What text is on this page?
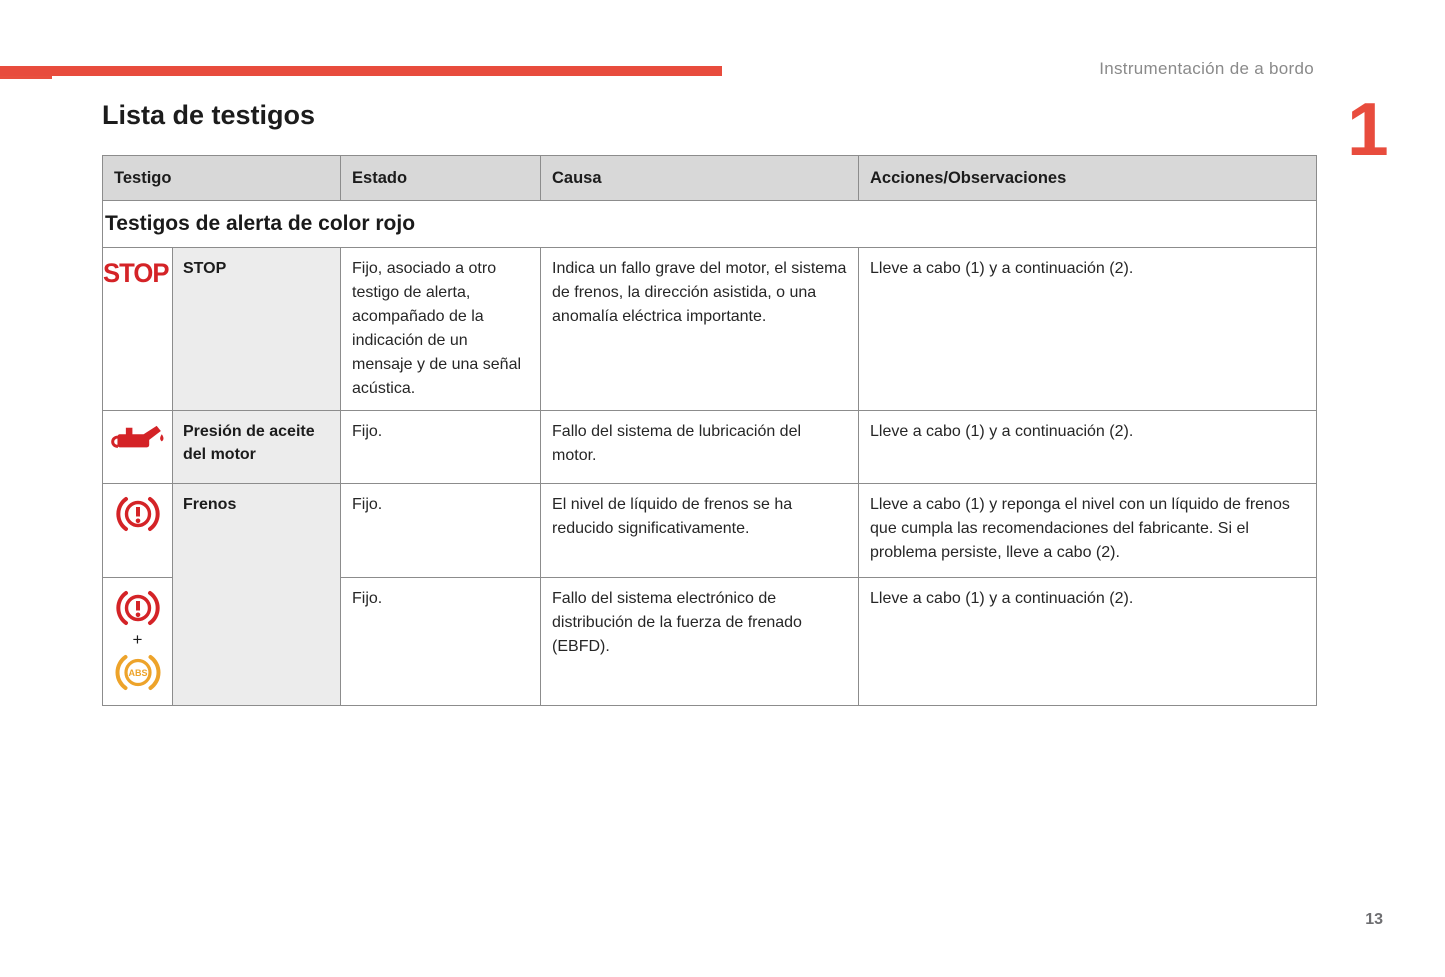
Instrumentación de a bordo
1
Lista de testigos
Testigo		Estado	Causa	Acciones/Observaciones
Testigos de alerta de color rojo				
STOP	STOP	Fijo, asociado a otro testigo de alerta, acompañado de la indicación de un mensaje y de una señal acústica.	Indica un fallo grave del motor, el sistema de frenos, la dirección asistida, o una anomalía eléctrica importante.	Lleve a cabo (1) y a continuación (2).
	Presión de aceite del motor	Fijo.	Fallo del sistema de lubricación del motor.	Lleve a cabo (1) y a continuación (2).
	Frenos	Fijo.	El nivel de líquido de frenos se ha reducido significativamente.	Lleve a cabo (1) y reponga el nivel con un líquido de frenos que cumpla las recomendaciones del fabricante. Si el problema persiste, lleve a cabo (2).

+
ABS		Fijo.	Fallo del sistema electrónico de distribución de la fuerza de frenado (EBFD).	Lleve a cabo (1) y a continuación (2).
13
